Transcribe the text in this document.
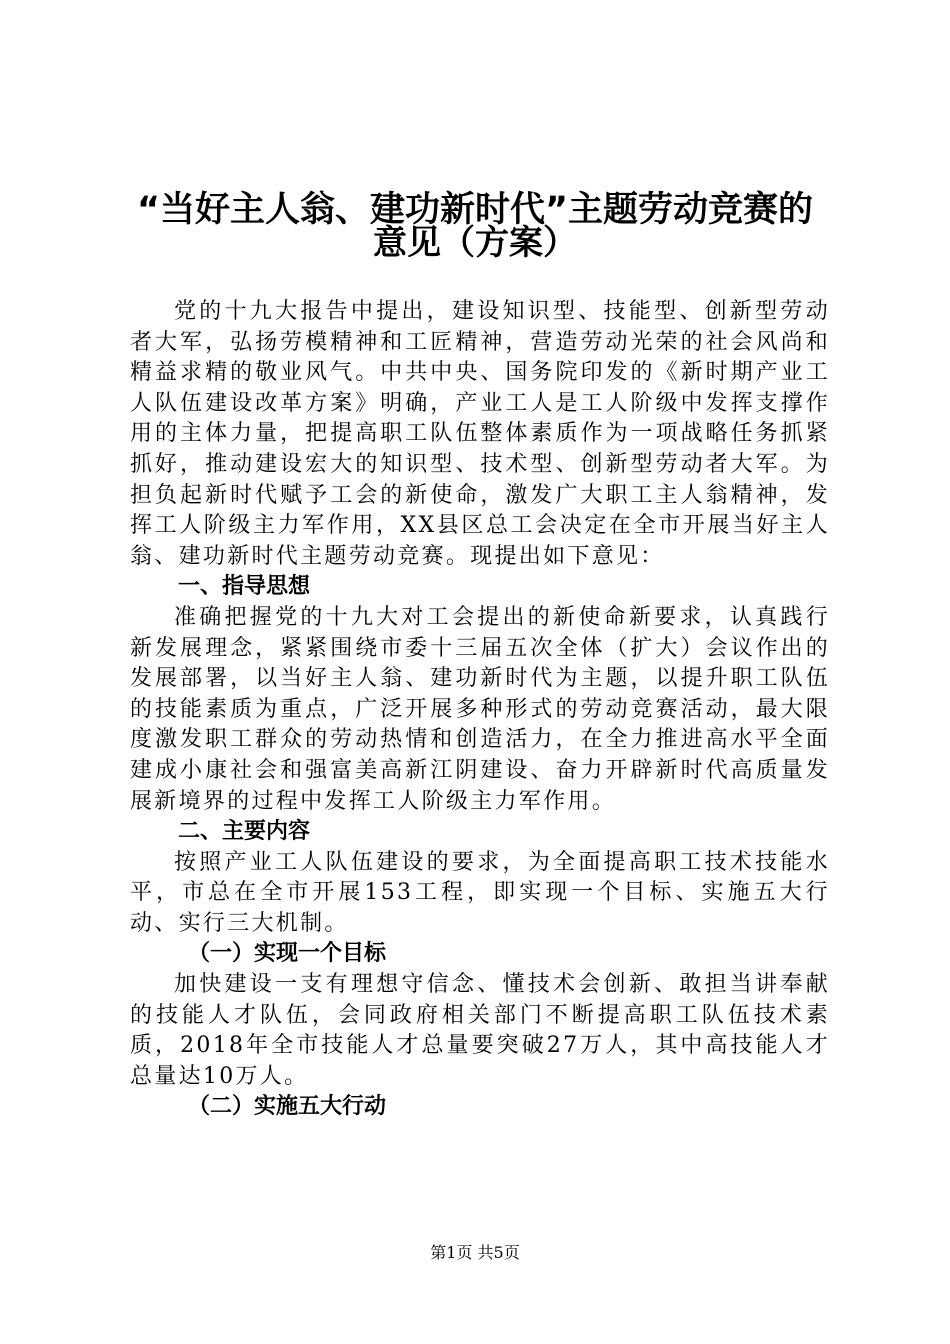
“当好主人翁、建功新时代”主题劳动竞赛的
意见（方案）

党的十九大报告中提出，建设知识型、技能型、创新型劳动者大军，弘扬劳模精神和工匠精神，营造劳动光荣的社会风尚和精益求精的敬业风气。中共中央、国务院印发的《新时期产业工人队伍建设改革方案》明确，产业工人是工人阶级中发挥支撑作用的主体力量，把提高职工队伍整体素质作为一项战略任务抓紧抓好，推动建设宏大的知识型、技术型、创新型劳动者大军。为担负起新时代赋予工会的新使命，激发广大职工主人翁精神，发挥工人阶级主力军作用，XX县区总工会决定在全市开展当好主人翁、建功新时代主题劳动竞赛。现提出如下意见：

一、指导思想

准确把握党的十九大对工会提出的新使命新要求，认真践行新发展理念，紧紧围绕市委十三届五次全体（扩大）会议作出的发展部署，以当好主人翁、建功新时代为主题，以提升职工队伍的技能素质为重点，广泛开展多种形式的劳动竞赛活动，最大限度激发职工群众的劳动热情和创造活力，在全力推进高水平全面建成小康社会和强富美高新江阴建设、奋力开辟新时代高质量发展新境界的过程中发挥工人阶级主力军作用。

二、主要内容

按照产业工人队伍建设的要求，为全面提高职工技术技能水平，市总在全市开展153工程，即实现一个目标、实施五大行动、实行三大机制。

（一）实现一个目标

加快建设一支有理想守信念、懂技术会创新、敢担当讲奉献的技能人才队伍，会同政府相关部门不断提高职工队伍技术素质，2018年全市技能人才总量要突破27万人，其中高技能人才总量达10万人。

（二）实施五大行动

第1页 共5页
